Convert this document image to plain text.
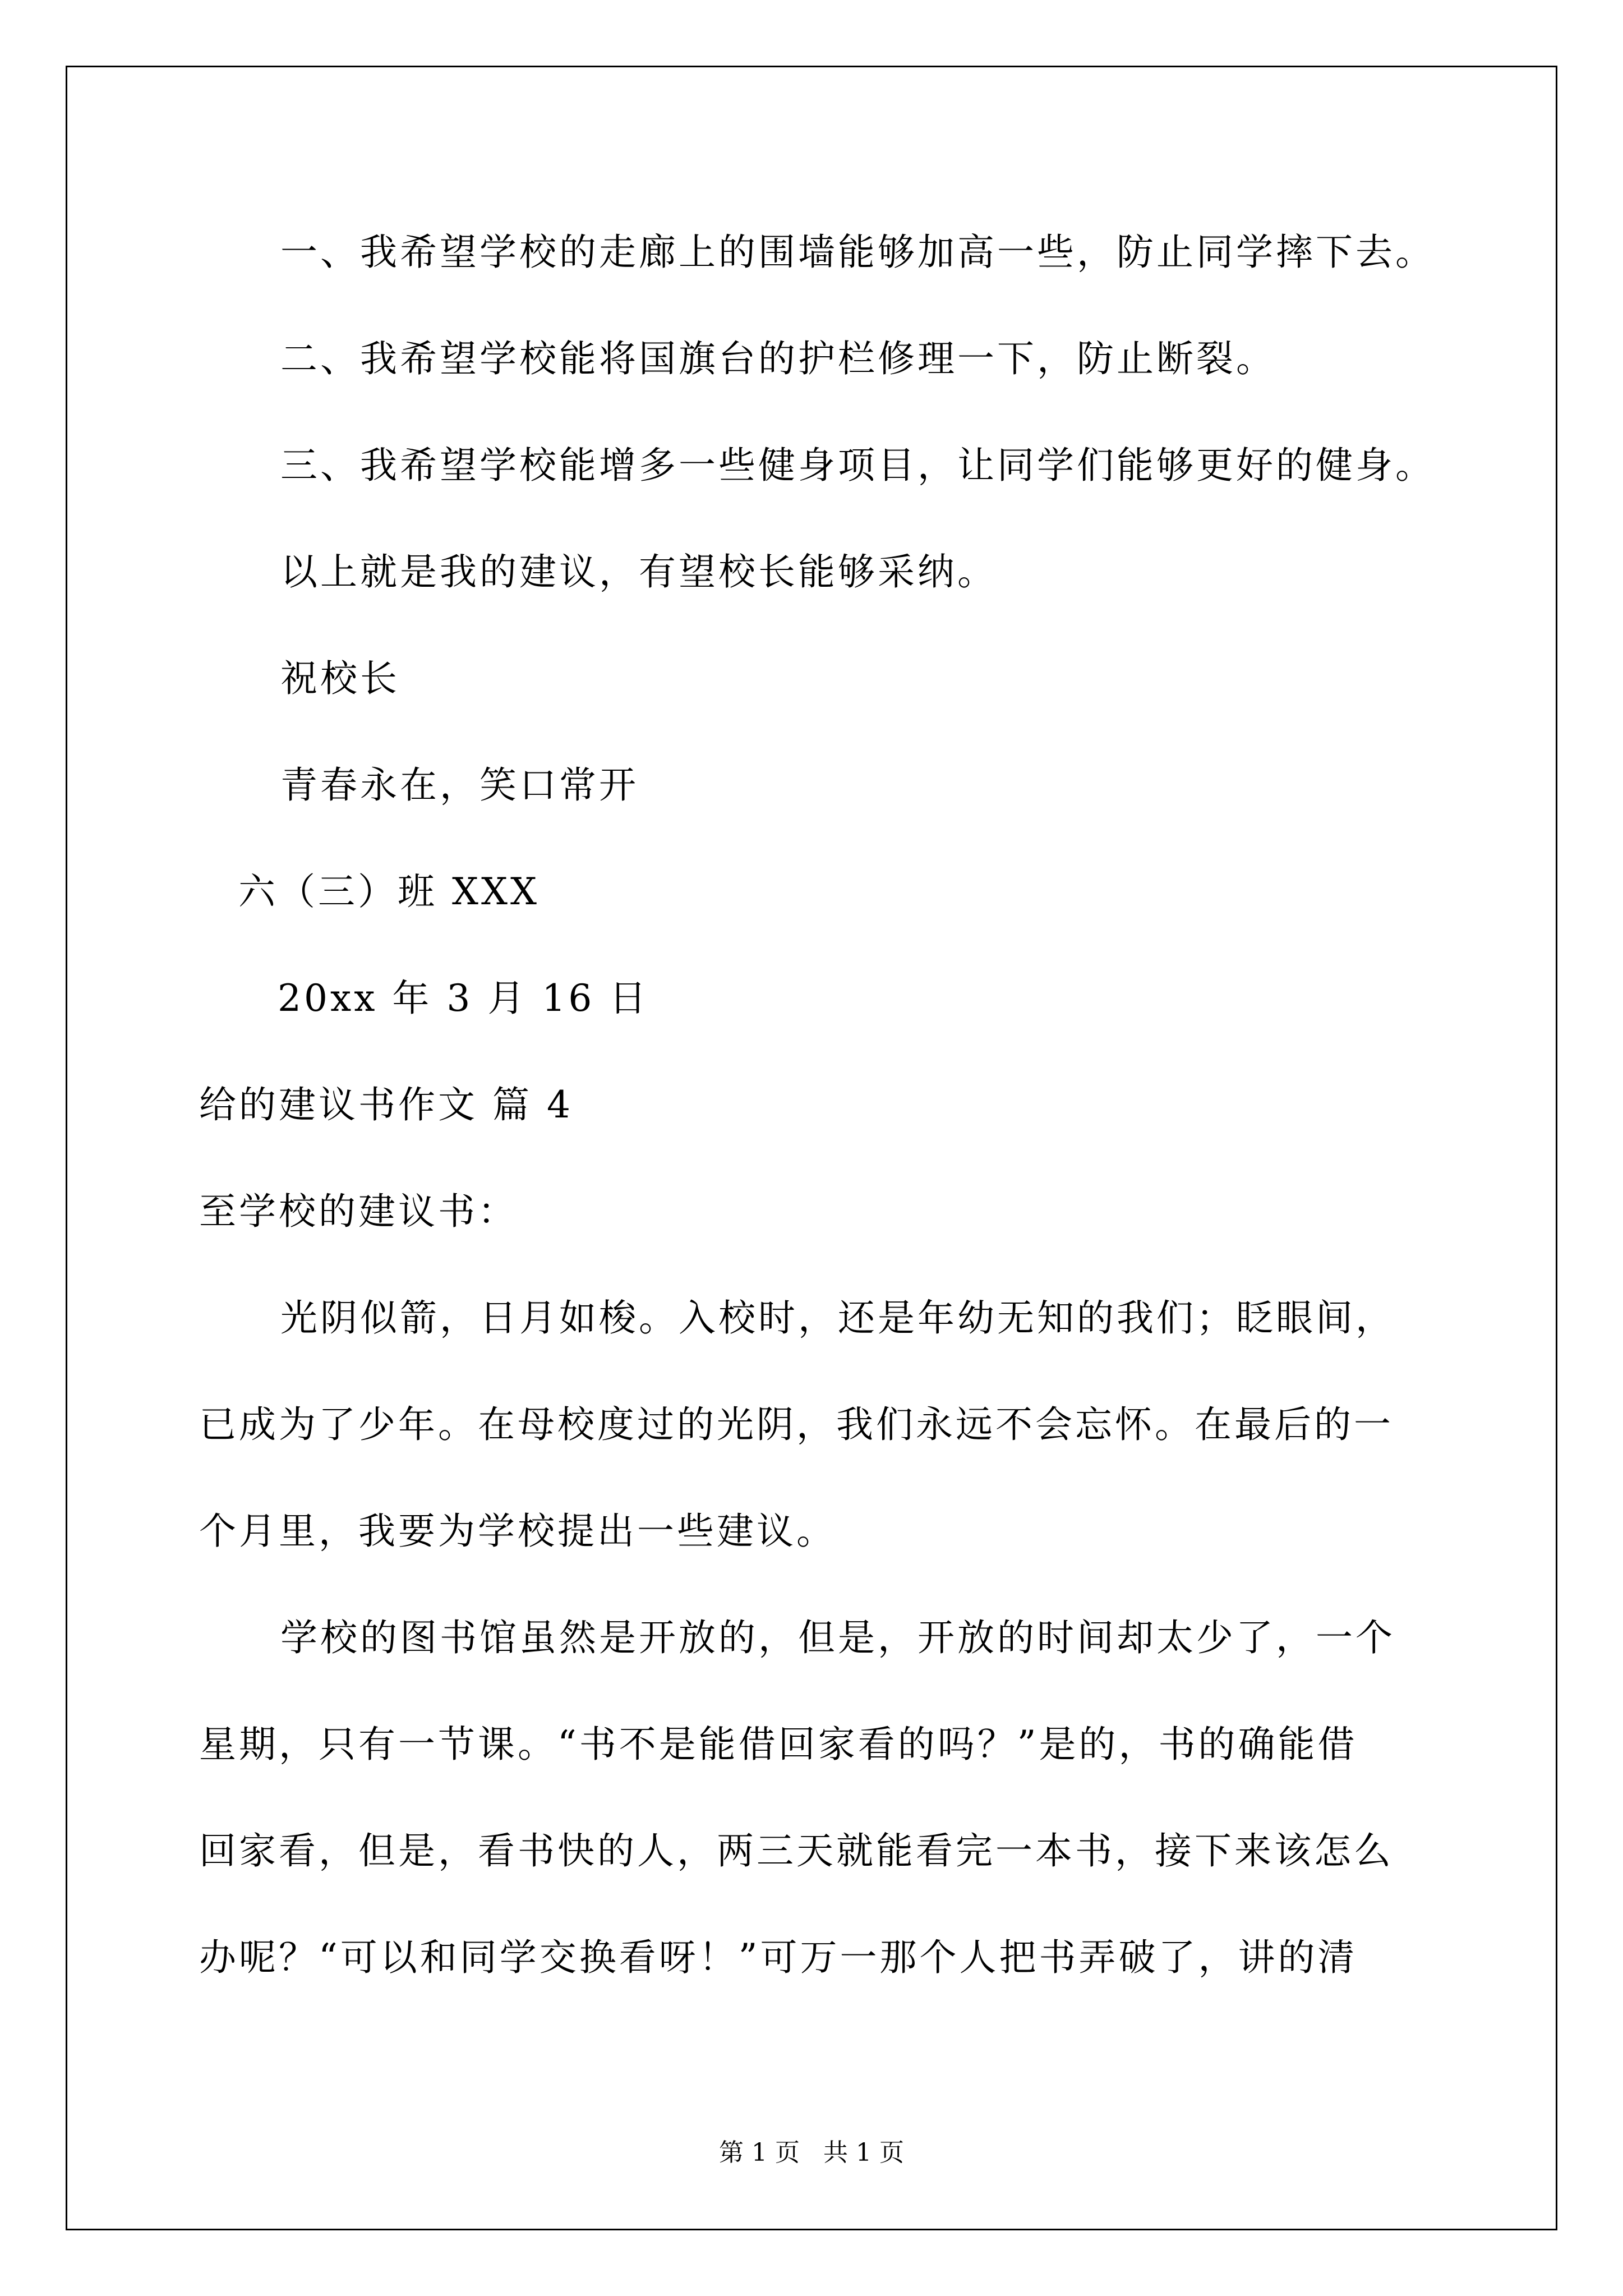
一、我希望学校的走廊上的围墙能够加高一些，防止同学摔下去。
二、我希望学校能将国旗台的护栏修理一下，防止断裂。
三、我希望学校能增多一些健身项目，让同学们能够更好的健身。
以上就是我的建议，有望校长能够采纳。
祝校长
青春永在，笑口常开
六（三）班 XXX
20xx 年 3 月 16 日
给的建议书作文 篇 4
至学校的建议书：
光阴似箭，日月如梭。入校时，还是年幼无知的我们；眨眼间，
已成为了少年。在母校度过的光阴，我们永远不会忘怀。在最后的一
个月里，我要为学校提出一些建议。
学校的图书馆虽然是开放的，但是，开放的时间却太少了，一个
星期，只有一节课。“书不是能借回家看的吗？”是的，书的确能借
回家看，但是，看书快的人，两三天就能看完一本书，接下来该怎么
办呢？“可以和同学交换看呀！”可万一那个人把书弄破了，讲的清
第 1 页   共 1 页
